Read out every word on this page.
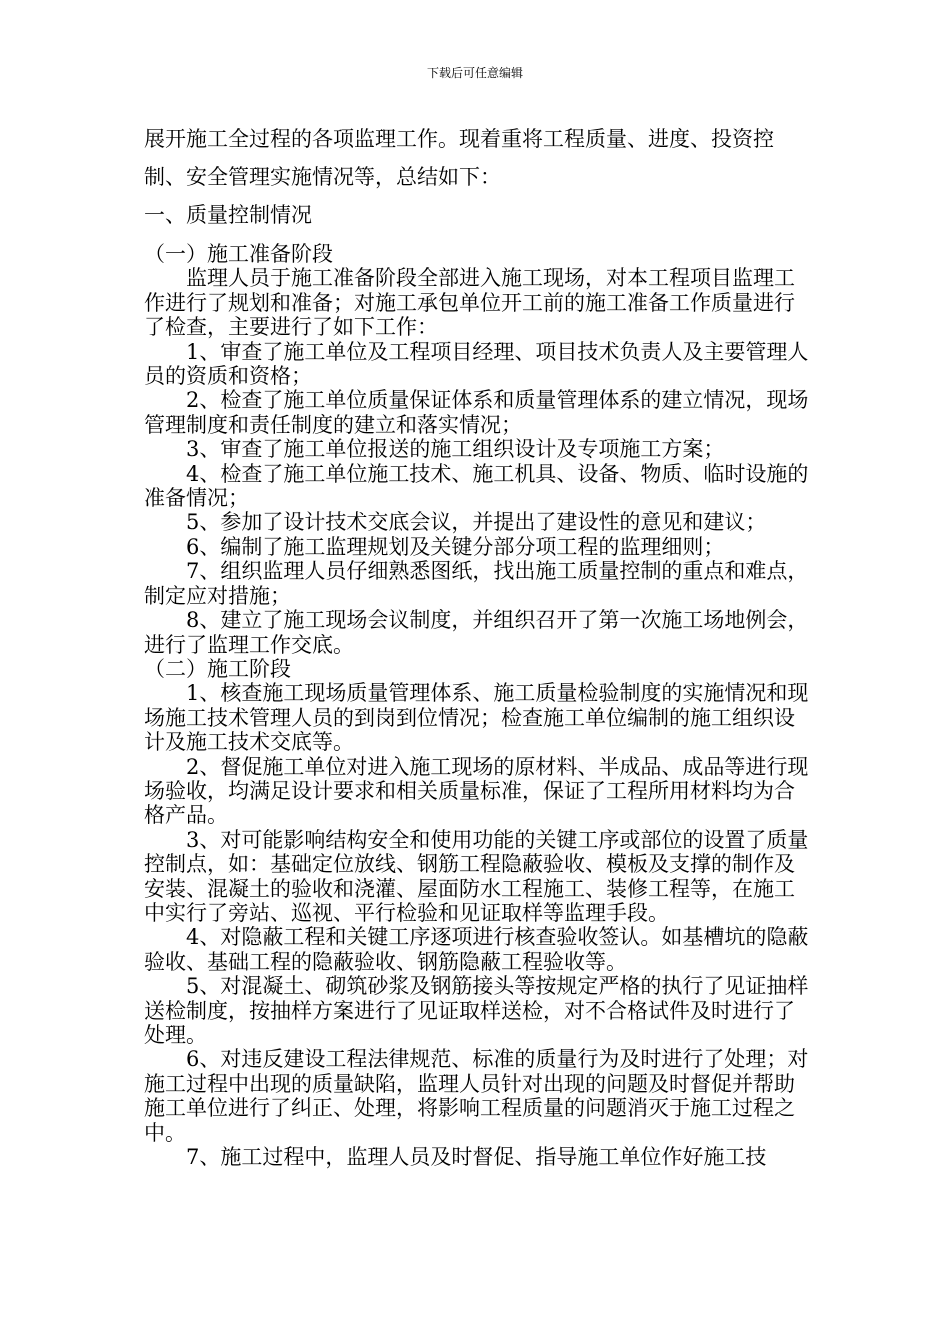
下载后可任意编辑

展开施工全过程的各项监理工作。现着重将工程质量、进度、投资控制、安全管理实施情况等，总结如下：

一、质量控制情况

（一）施工准备阶段

监理人员于施工准备阶段全部进入施工现场，对本工程项目监理工作进行了规划和准备；对施工承包单位开工前的施工准备工作质量进行了检查，主要进行了如下工作：

1、审查了施工单位及工程项目经理、项目技术负责人及主要管理人员的资质和资格；

2、检查了施工单位质量保证体系和质量管理体系的建立情况，现场管理制度和责任制度的建立和落实情况；

3、审查了施工单位报送的施工组织设计及专项施工方案；

4、检查了施工单位施工技术、施工机具、设备、物质、临时设施的准备情况；

5、参加了设计技术交底会议，并提出了建设性的意见和建议；

6、编制了施工监理规划及关键分部分项工程的监理细则；

7、组织监理人员仔细熟悉图纸，找出施工质量控制的重点和难点，制定应对措施；

8、建立了施工现场会议制度，并组织召开了第一次施工场地例会，进行了监理工作交底。

（二）施工阶段

1、核查施工现场质量管理体系、施工质量检验制度的实施情况和现场施工技术管理人员的到岗到位情况；检查施工单位编制的施工组织设计及施工技术交底等。

2、督促施工单位对进入施工现场的原材料、半成品、成品等进行现场验收，均满足设计要求和相关质量标准，保证了工程所用材料均为合格产品。

3、对可能影响结构安全和使用功能的关键工序或部位的设置了质量控制点，如：基础定位放线、钢筋工程隐蔽验收、模板及支撑的制作及安装、混凝土的验收和浇灌、屋面防水工程施工、装修工程等，在施工中实行了旁站、巡视、平行检验和见证取样等监理手段。

4、对隐蔽工程和关键工序逐项进行核查验收签认。如基槽坑的隐蔽验收、基础工程的隐蔽验收、钢筋隐蔽工程验收等。

5、对混凝土、砌筑砂浆及钢筋接头等按规定严格的执行了见证抽样送检制度，按抽样方案进行了见证取样送检，对不合格试件及时进行了处理。

6、对违反建设工程法律规范、标准的质量行为及时进行了处理；对施工过程中出现的质量缺陷，监理人员针对出现的问题及时督促并帮助施工单位进行了纠正、处理，将影响工程质量的问题消灭于施工过程之中。

7、施工过程中，监理人员及时督促、指导施工单位作好施工技
